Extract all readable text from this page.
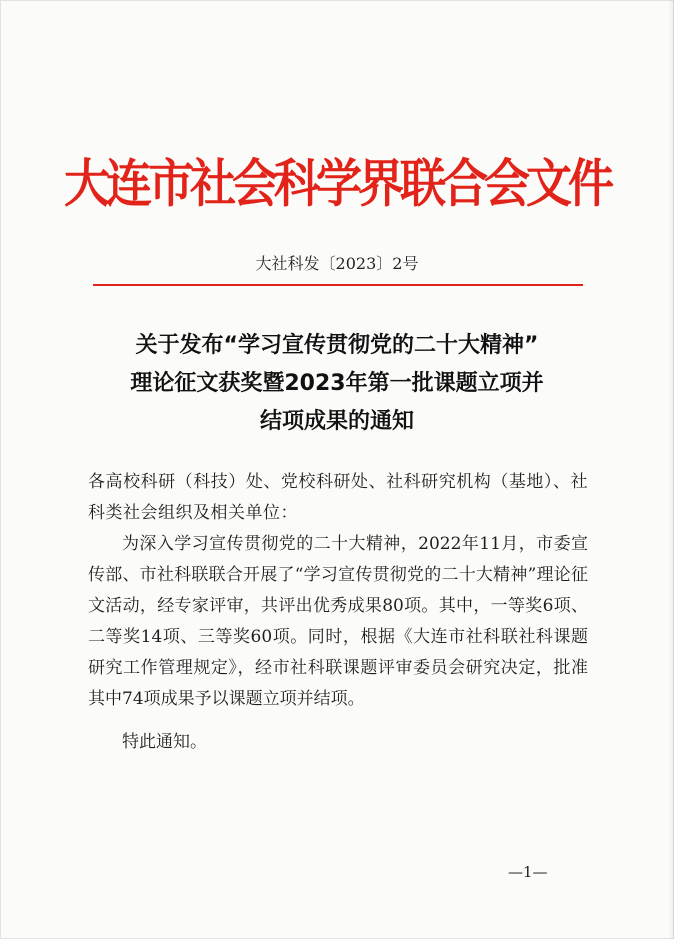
大连市社会科学界联合会文件
大社科发〔2023〕2号
关于发布“学习宣传贯彻党的二十大精神”
理论征文获奖暨2023年第一批课题立项并
结项成果的通知

各高校科研（科技）处、党校科研处、社科研究机构（基地）、社科类社会组织及相关单位：

为深入学习宣传贯彻党的二十大精神，2022年11月，市委宣传部、市社科联联合开展了“学习宣传贯彻党的二十大精神”理论征文活动，经专家评审，共评出优秀成果80项。其中，一等奖6项、二等奖14项、三等奖60项。同时，根据《大连市社科联社科课题研究工作管理规定》，经市社科联课题评审委员会研究决定，批准其中74项成果予以课题立项并结项。

特此通知。

—1—
